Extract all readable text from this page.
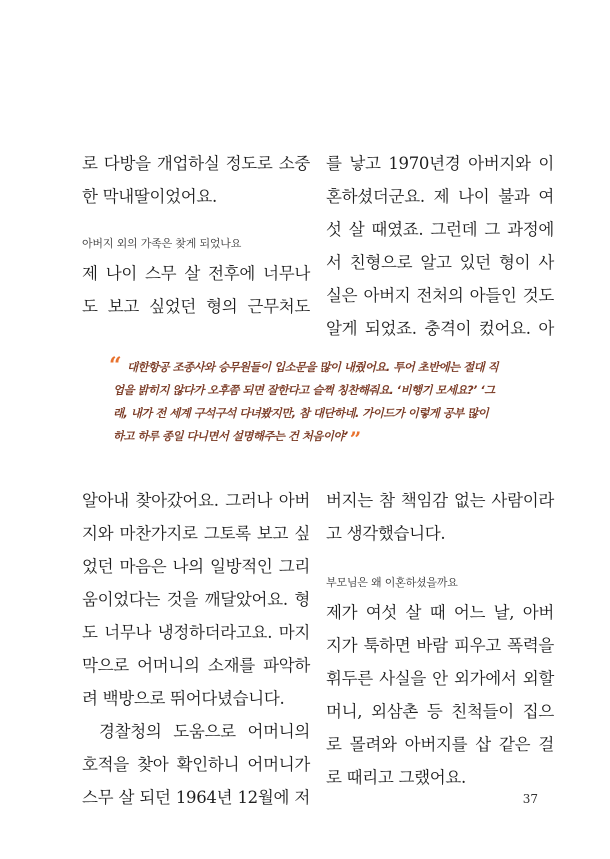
로 다방을 개업하실 정도로 소중
한 막내딸이었어요.
아버지 외의 가족은 찾게 되었나요
제 나이 스무 살 전후에 너무나
도 보고 싶었던 형의 근무처도
를 낳고 1970년경 아버지와 이
혼하셨더군요. 제 나이 불과 여
섯 살 때였죠. 그런데 그 과정에
서 친형으로 알고 있던 형이 사
실은 아버지 전처의 아들인 것도
알게 되었죠. 충격이 컸어요. 아
“ 대한항공 조종사와 승무원들이 입소문을 많이 내줬어요. 투어 초반에는 절대 직
업을 밝히지 않다가 오후쯤 되면 잘한다고 슬쩍 칭찬해줘요. ‘비행기 모세요?’ ‘그
래, 내가 전 세계 구석구석 다녀봤지만, 참 대단하네. 가이드가 이렇게 공부 많이
하고 하루 종일 다니면서 설명해주는 건 처음이야’ ”
알아내 찾아갔어요. 그러나 아버
지와 마찬가지로 그토록 보고 싶
었던 마음은 나의 일방적인 그리
움이었다는 것을 깨달았어요. 형
도 너무나 냉정하더라고요. 마지
막으로 어머니의 소재를 파악하
려 백방으로 뛰어다녔습니다.
경찰청의 도움으로 어머니의
호적을 찾아 확인하니 어머니가
스무 살 되던 1964년 12월에 저
버지는 참 책임감 없는 사람이라
고 생각했습니다.
부모님은 왜 이혼하셨을까요
제가 여섯 살 때 어느 날, 아버
지가 툭하면 바람 피우고 폭력을
휘두른 사실을 안 외가에서 외할
머니, 외삼촌 등 친척들이 집으
로 몰려와 아버지를 삽 같은 걸
로 때리고 그랬어요.
37
